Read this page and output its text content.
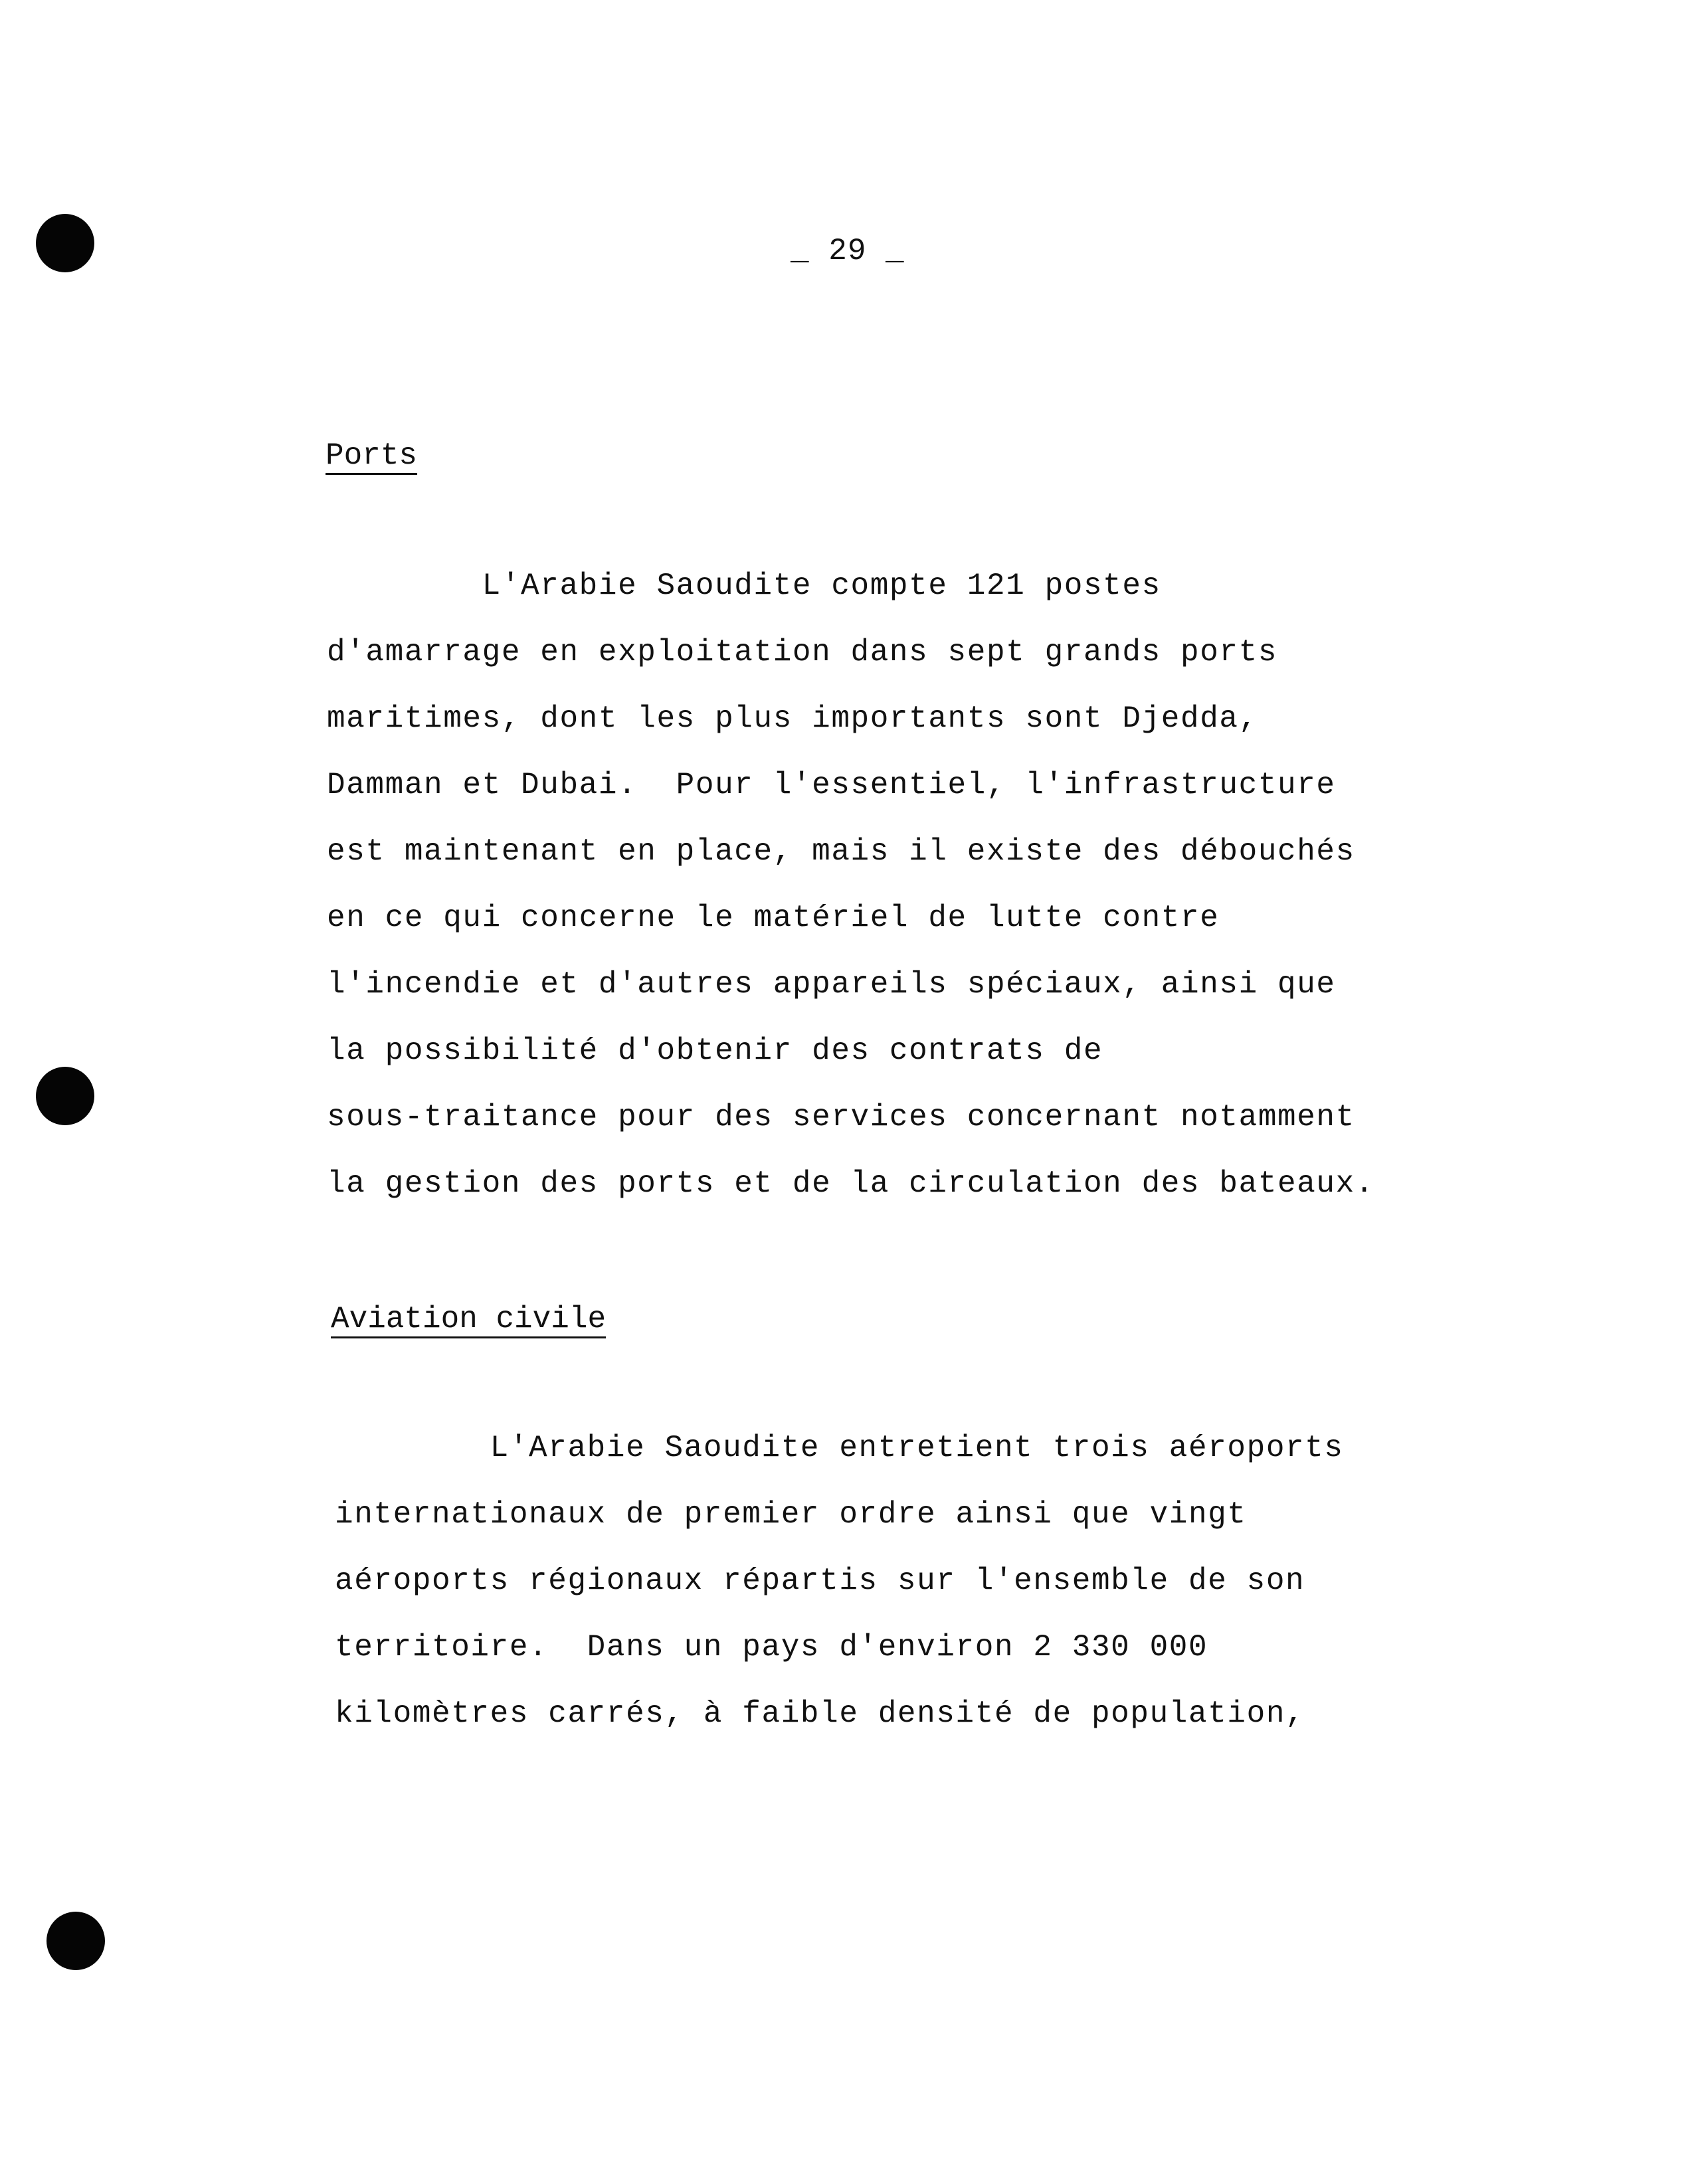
_ 29 _
Ports
L'Arabie Saoudite compte 121 postes
d'amarrage en exploitation dans sept grands ports
maritimes, dont les plus importants sont Djedda,
Damman et Dubai.  Pour l'essentiel, l'infrastructure
est maintenant en place, mais il existe des débouchés
en ce qui concerne le matériel de lutte contre
l'incendie et d'autres appareils spéciaux, ainsi que
la possibilité d'obtenir des contrats de
sous-traitance pour des services concernant notamment
la gestion des ports et de la circulation des bateaux.
Aviation civile
L'Arabie Saoudite entretient trois aéroports
internationaux de premier ordre ainsi que vingt
aéroports régionaux répartis sur l'ensemble de son
territoire.  Dans un pays d'environ 2 330 000
kilomètres carrés, à faible densité de population,
